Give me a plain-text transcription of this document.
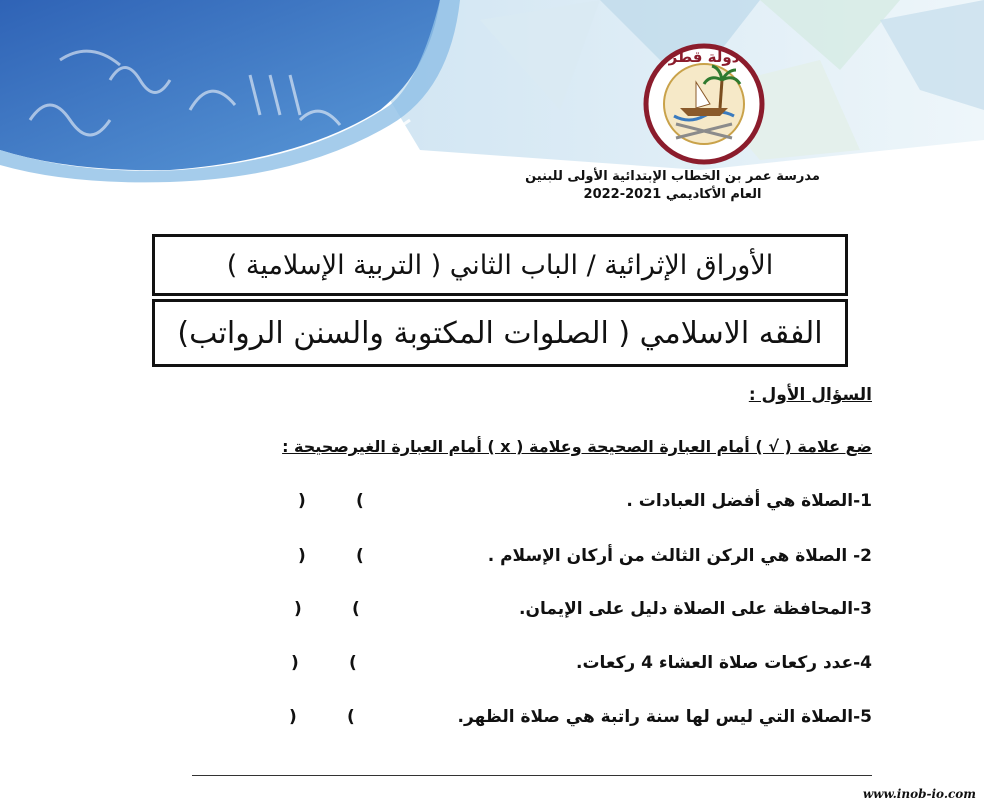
دولة قطر
مدرسة عمر بن الخطاب الإبتدائية الأولى للبنين
العام الأكاديمي 2021-2022
الأوراق الإثرائية / الباب الثاني ( التربية الإسلامية )
الفقه الاسلامي ( الصلوات المكتوبة والسنن الرواتب)
السؤال الأول :
ضع علامة ( √ ) أمام العبارة الصحيحة وعلامة ( x ) أمام العبارة الغيرصحيحة :
1-الصلاة هي أفضل العبادات .
(
)
2- الصلاة هي الركن الثالث من أركان الإسلام .
(
)
3-المحافظة على الصلاة دليل على الإيمان.
(
)
4-عدد ركعات صلاة العشاء 4 ركعات.
(
)
5-الصلاة التي ليس لها سنة راتبة هي صلاة الظهر.
(
)
www.inob-io.com
